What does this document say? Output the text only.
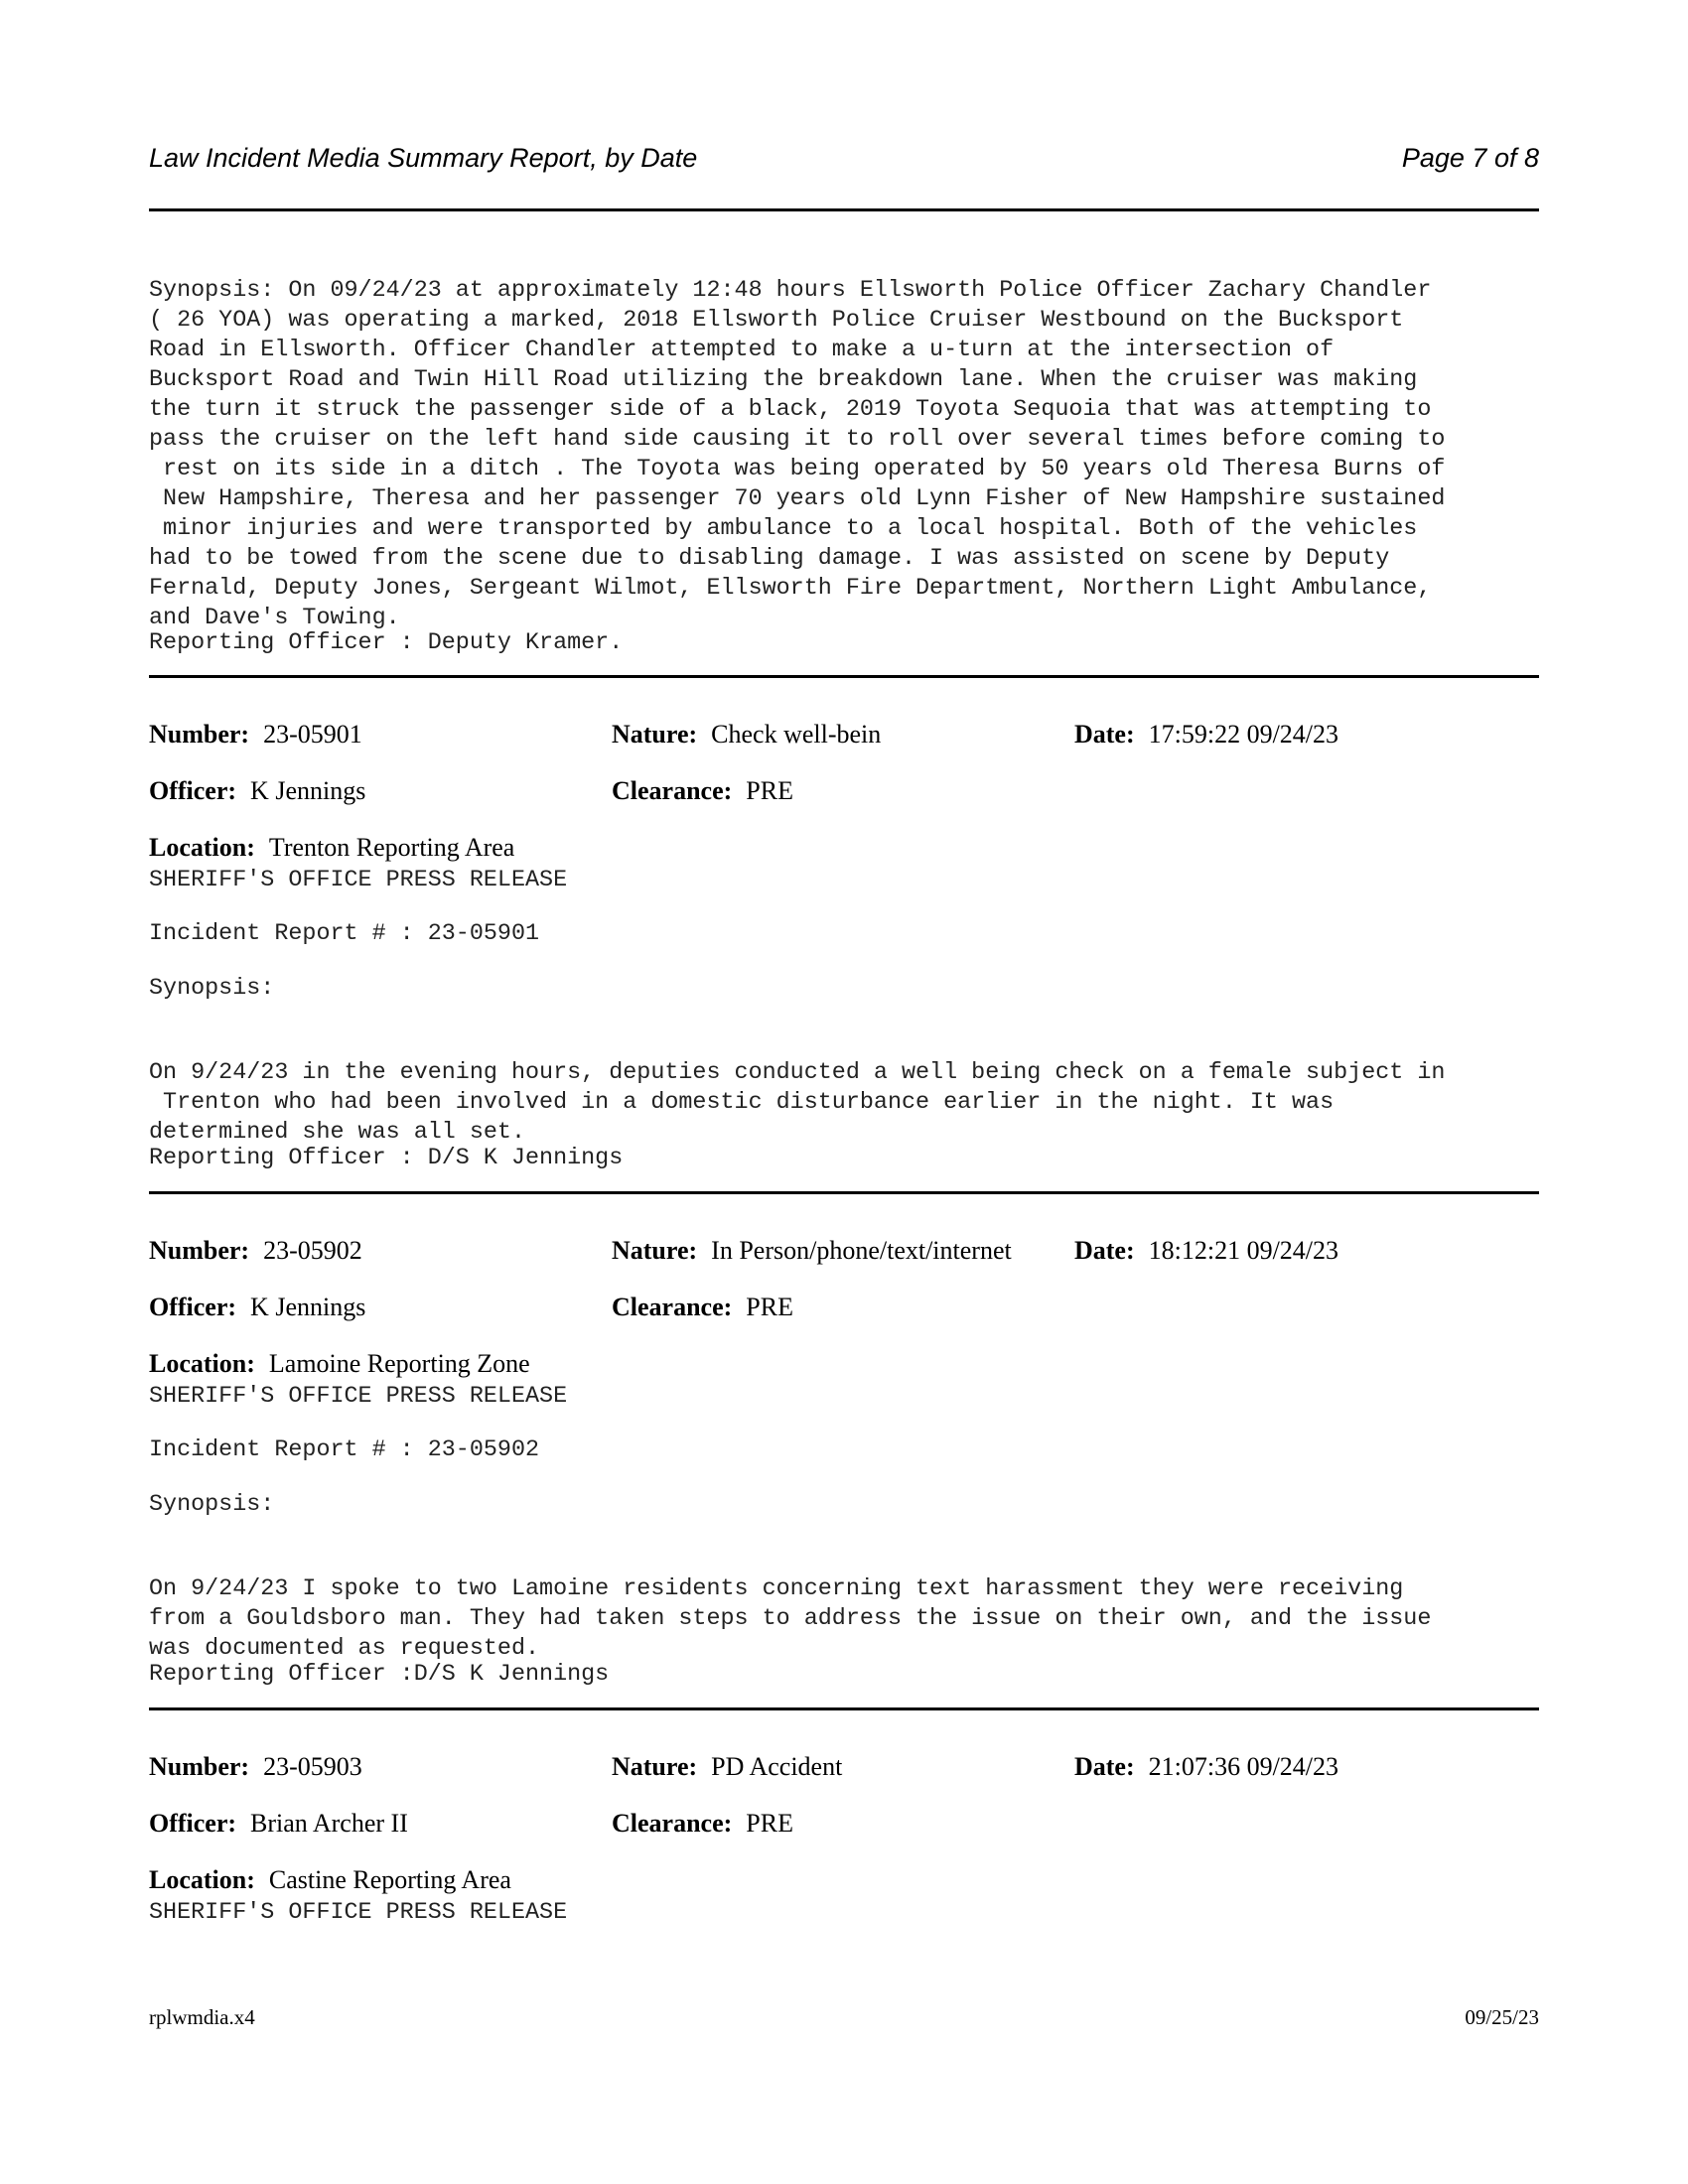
Law Incident Media Summary Report, by Date	Page 7 of 8

Synopsis: On 09/24/23 at approximately 12:48 hours Ellsworth Police Officer Zachary Chandler
( 26 YOA) was operating a marked, 2018 Ellsworth Police Cruiser Westbound on the Bucksport
Road in Ellsworth. Officer Chandler attempted to make a u-turn at the intersection of
Bucksport Road and Twin Hill Road utilizing the breakdown lane. When the cruiser was making
the turn it struck the passenger side of a black, 2019 Toyota Sequoia that was attempting to
pass the cruiser on the left hand side causing it to roll over several times before coming to
rest on its side in a ditch . The Toyota was being operated by 50 years old Theresa Burns of
New Hampshire, Theresa and her passenger 70 years old Lynn Fisher of New Hampshire sustained
minor injuries and were transported by ambulance to a local hospital. Both of the vehicles
had to be towed from the scene due to disabling damage. I was assisted on scene by Deputy
Fernald, Deputy Jones, Sergeant Wilmot, Ellsworth Fire Department, Northern Light Ambulance,
and Dave's Towing.
Reporting Officer : Deputy Kramer.
Number: 23-05901	Nature: Check well-bein	Date: 17:59:22 09/24/23
Officer: K Jennings	Clearance: PRE
Location: Trenton Reporting Area
SHERIFF'S OFFICE PRESS RELEASE
Incident Report # : 23-05901
Synopsis:

On 9/24/23 in the evening hours, deputies conducted a well being check on a female subject in
Trenton who had been involved in a domestic disturbance earlier in the night. It was
determined she was all set.
Reporting Officer : D/S K Jennings
Number: 23-05902	Nature: In Person/phone/text/internet Date: 18:12:21 09/24/23
Officer: K Jennings	Clearance: PRE
Location: Lamoine Reporting Zone
SHERIFF'S OFFICE PRESS RELEASE
Incident Report # : 23-05902
Synopsis:

On 9/24/23 I spoke to two Lamoine residents concerning text harassment they were receiving
from a Gouldsboro man. They had taken steps to address the issue on their own, and the issue
was documented as requested.
Reporting Officer :D/S K Jennings
Number: 23-05903	Nature: PD Accident	Date: 21:07:36 09/24/23
Officer: Brian Archer II	Clearance: PRE
Location: Castine Reporting Area
SHERIFF'S OFFICE PRESS RELEASE
rplwmdia.x4	09/25/23
